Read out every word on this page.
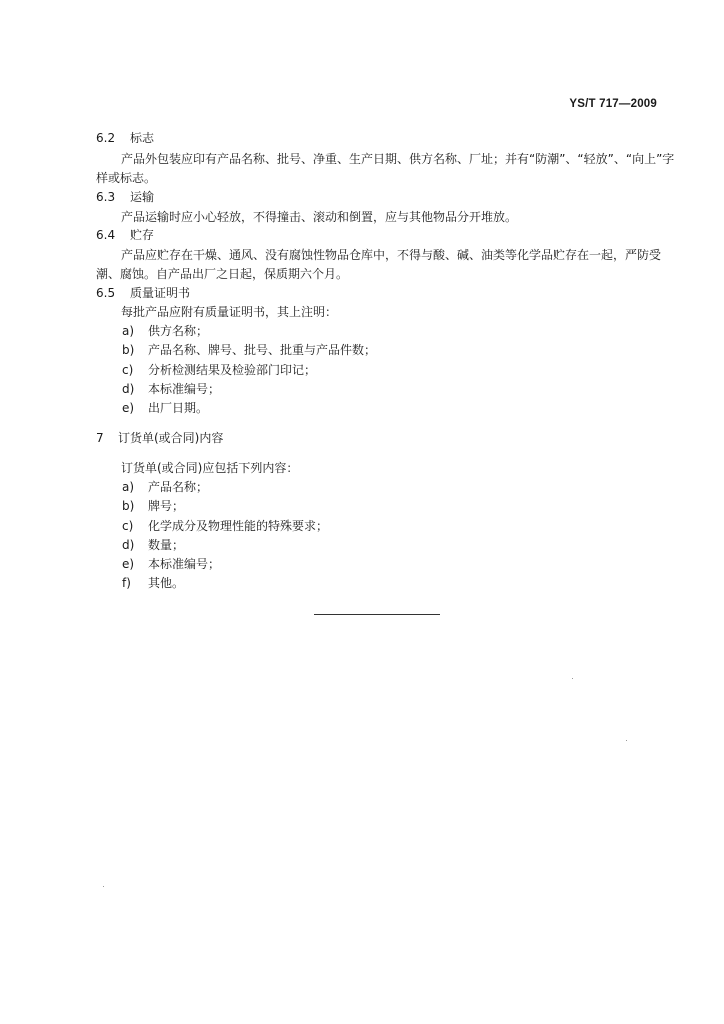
YS/T 717—2009
6.2 标志
产品外包装应印有产品名称、批号、净重、生产日期、供方名称、厂址；并有“防潮”、“轻放”、“向上”字
样或标志。
6.3 运输
产品运输时应小心轻放，不得撞击、滚动和倒置，应与其他物品分开堆放。
6.4 贮存
产品应贮存在干燥、通风、没有腐蚀性物品仓库中，不得与酸、碱、油类等化学品贮存在一起，严防受
潮、腐蚀。自产品出厂之日起，保质期六个月。
6.5 质量证明书
每批产品应附有质量证明书，其上注明：
a) 供方名称；
b) 产品名称、牌号、批号、批重与产品件数；
c) 分析检测结果及检验部门印记；
d) 本标准编号；
e) 出厂日期。
7 订货单(或合同)内容
订货单(或合同)应包括下列内容：
a) 产品名称；
b) 牌号；
c) 化学成分及物理性能的特殊要求；
d) 数量；
e) 本标准编号；
f) 其他。
